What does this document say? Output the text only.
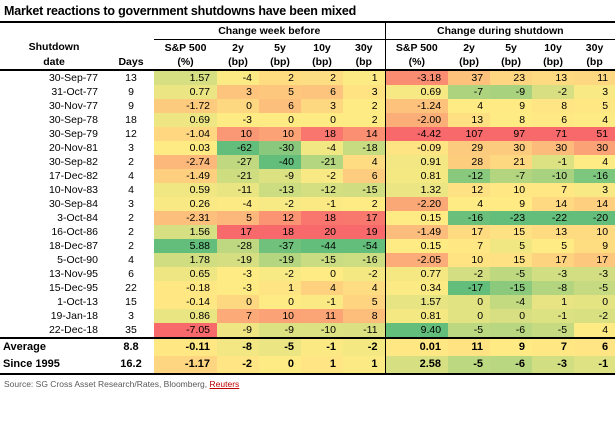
Market reactions to government shutdowns have been mixed
		Change week before					Change during shutdown				
Shutdown		S&P 500	2y	5y	10y	30y	S&P 500	2y	5y	10y	30y
date	Days	(%)	(bp)	(bp)	(bp)	(bp	(%)	(bp)	(bp)	(bp)	(bp
30-Sep-77	13	1.57	-4	2	2	1	-3.18	37	23	13	11
31-Oct-77	9	0.77	3	5	6	3	0.69	-7	-9	-2	3
30-Nov-77	9	-1.72	0	6	3	2	-1.24	4	9	8	5
30-Sep-78	18	0.69	-3	0	0	2	-2.00	13	8	6	4
30-Sep-79	12	-1.04	10	10	18	14	-4.42	107	97	71	51
20-Nov-81	3	0.03	-62	-30	-4	-18	-0.09	29	30	30	30
30-Sep-82	2	-2.74	-27	-40	-21	4	0.91	28	21	-1	4
17-Dec-82	4	-1.49	-21	-9	-2	6	0.81	-12	-7	-10	-16
10-Nov-83	4	0.59	-11	-13	-12	-15	1.32	12	10	7	3
30-Sep-84	3	0.26	-4	-2	-1	2	-2.20	4	9	14	14
3-Oct-84	2	-2.31	5	12	18	17	0.15	-16	-23	-22	-20
16-Oct-86	2	1.56	17	18	20	19	-1.49	17	15	13	10
18-Dec-87	2	5.88	-28	-37	-44	-54	0.15	7	5	5	9
5-Oct-90	4	1.78	-19	-19	-15	-16	-2.05	10	15	17	17
13-Nov-95	6	0.65	-3	-2	0	-2	0.77	-2	-5	-3	-3
15-Dec-95	22	-0.18	-3	1	4	4	0.34	-17	-15	-8	-5
1-Oct-13	15	-0.14	0	0	-1	5	1.57	0	-4	1	0
19-Jan-18	3	0.86	7	10	11	8	0.81	0	0	-1	-2
22-Dec-18	35	-7.05	-9	-9	-10	-11	9.40	-5	-6	-5	4
Average	8.8	-0.11	-8	-5	-1	-2	0.01	11	9	7	6
Since 1995	16.2	-1.17	-2	0	1	1	2.58	-5	-6	-3	-1
Source: SG Cross Asset Research/Rates, Bloomberg, Reuters
